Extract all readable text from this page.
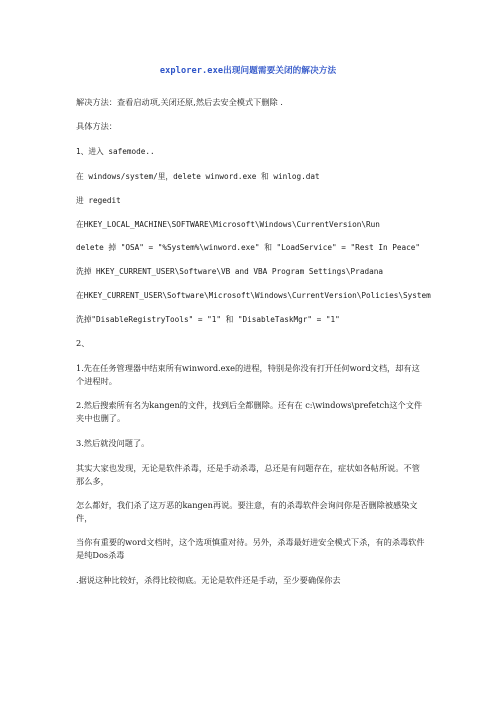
explorer.exe出现问题需要关闭的解决方法
解决方法：查看启动项,关闭还原,然后去安全模式下删除 .
具体方法：
1、进入 safemode..
在 windows/system/里，delete winword.exe 和 winlog.dat
进 regedit
在HKEY_LOCAL_MACHINE\SOFTWARE\Microsoft\Windows\CurrentVersion\Run
delete 掉 "OSA" = "%System%\winword.exe" 和 "LoadService" = "Rest In Peace"
洗掉 HKEY_CURRENT_USER\Software\VB and VBA Program Settings\Pradana
在HKEY_CURRENT_USER\Software\Microsoft\Windows\CurrentVersion\Policies\System
洗掉"DisableRegistryTools" = "1" 和 "DisableTaskMgr" = "1"
2、
1.先在任务管理器中结束所有winword.exe的进程，特别是你没有打开任何word文档，却有这个进程时。
2.然后搜索所有名为kangen的文件，找到后全都删除。还有在 c:\windows\prefetch这个文件夹中也删了。
3.然后就没问题了。
其实大家也发现，无论是软件杀毒，还是手动杀毒，总还是有问题存在，症状如各帖所说。不管那么多，
怎么都好，我们杀了这万恶的kangen再说。要注意，有的杀毒软件会询问你是否删除被感染文件，
当你有重要的word文档时，这个选项慎重对待。另外，杀毒最好进安全模式下杀，有的杀毒软件是纯Dos杀毒
.据说这种比较好，杀得比较彻底。无论是软件还是手动，至少要确保你去
